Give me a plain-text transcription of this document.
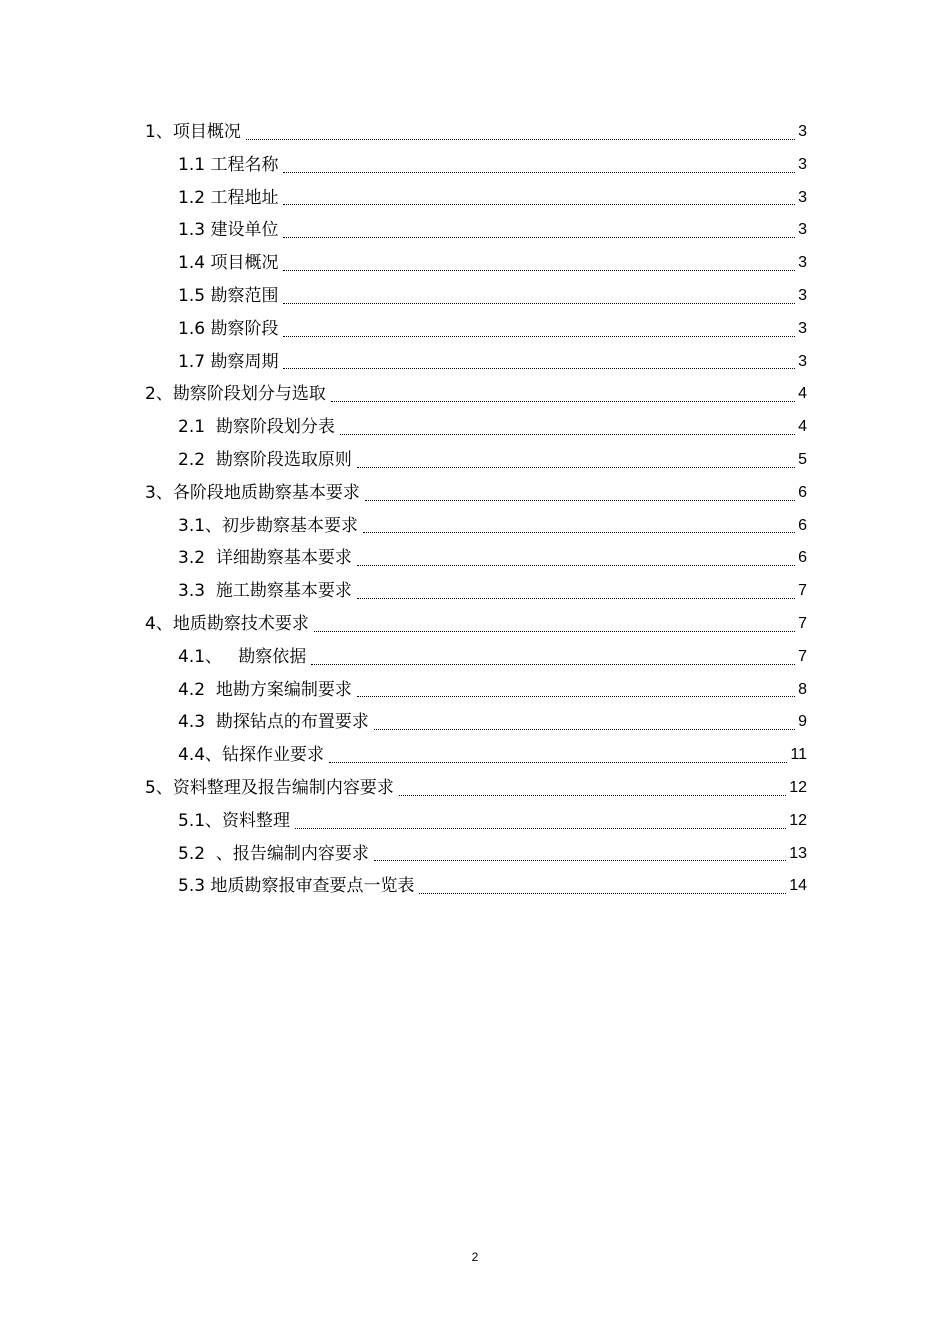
1、项目概况	3
1.1 工程名称	3
1.2 工程地址	3
1.3 建设单位	3
1.4 项目概况	3
1.5 勘察范围	3
1.6 勘察阶段	3
1.7 勘察周期	3
2、勘察阶段划分与选取	4
2.1  勘察阶段划分表	4
2.2  勘察阶段选取原则	5
3、各阶段地质勘察基本要求	6
3.1、初步勘察基本要求	6
3.2  详细勘察基本要求	6
3.3  施工勘察基本要求	7
4、地质勘察技术要求	7
4.1、   勘察依据	7
4.2  地勘方案编制要求	8
4.3  勘探钻点的布置要求	9
4.4、钻探作业要求	11
5、资料整理及报告编制内容要求	12
5.1、资料整理	12
5.2  、报告编制内容要求	13
5.3 地质勘察报审查要点一览表	14
2
